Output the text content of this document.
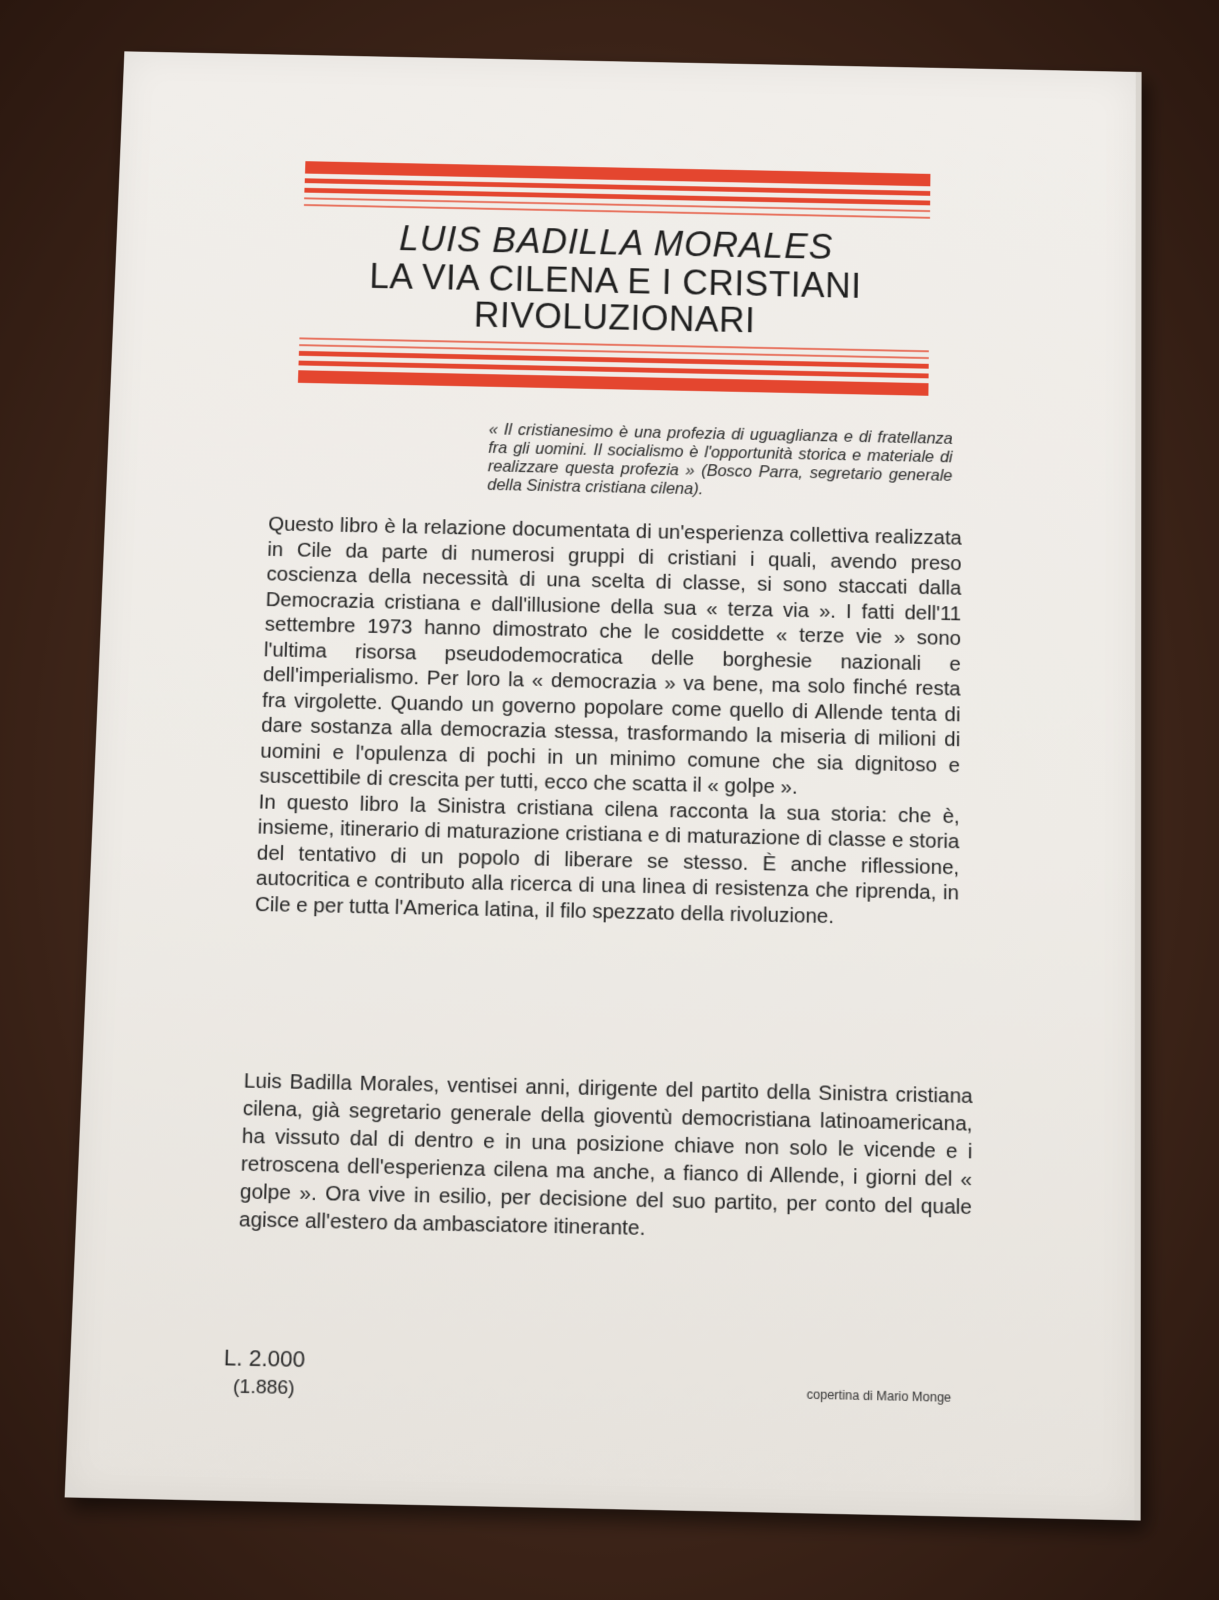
LUIS BADILLA MORALES
LA VIA CILENA E I CRISTIANI
RIVOLUZIONARI
« Il cristianesimo è una profezia di uguaglianza e di fratellanza fra gli uomini. Il socialismo è l'opportunità storica e materiale di realizzare questa profezia » (Bosco Parra, segretario generale della Sinistra cristiana cilena).

Questo libro è la relazione documentata di un'esperienza collettiva realizzata in Cile da parte di numerosi gruppi di cristiani i quali, avendo preso coscienza della necessità di una scelta di classe, si sono staccati dalla Democrazia cristiana e dall'illusione della sua « terza via ». I fatti dell'11 settembre 1973 hanno dimostrato che le cosiddette « terze vie » sono l'ultima risorsa pseudodemocratica delle borghesie nazionali e dell'imperialismo. Per loro la « democrazia » va bene, ma solo finché resta fra virgolette. Quando un governo popolare come quello di Allende tenta di dare sostanza alla democrazia stessa, trasformando la miseria di milioni di uomini e l'opulenza di pochi in un minimo comune che sia dignitoso e suscettibile di crescita per tutti, ecco che scatta il « golpe ».

In questo libro la Sinistra cristiana cilena racconta la sua storia: che è, insieme, itinerario di maturazione cristiana e di maturazione di classe e storia del tentativo di un popolo di liberare se stesso. È anche riflessione, autocritica e contributo alla ricerca di una linea di resistenza che riprenda, in Cile e per tutta l'America latina, il filo spezzato della rivoluzione.

Luis Badilla Morales, ventisei anni, dirigente del partito della Sinistra cristiana cilena, già segretario generale della gioventù democristiana latinoamericana, ha vissuto dal di dentro e in una posizione chiave non solo le vicende e i retroscena dell'esperienza cilena ma anche, a fianco di Allende, i giorni del « golpe ». Ora vive in esilio, per decisione del suo partito, per conto del quale agisce all'estero da ambasciatore itinerante.
L. 2.000
(1.886)	copertina di Mario Monge
